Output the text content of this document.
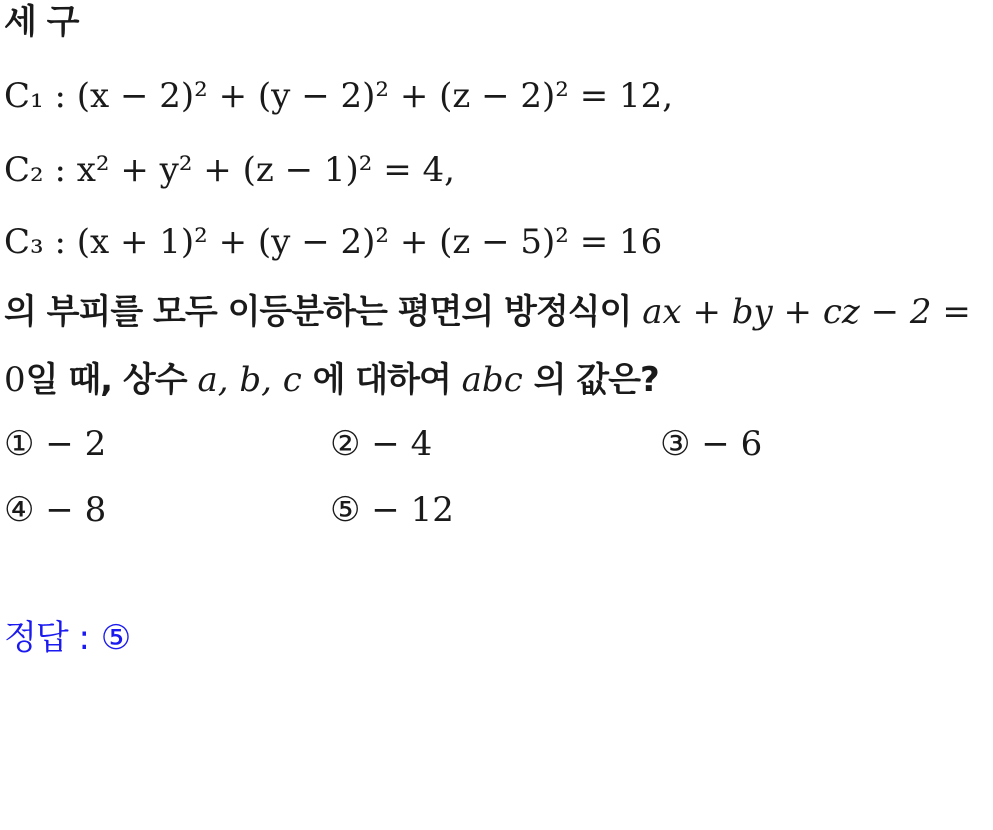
세 구
C₁ : (x − 2)² + (y − 2)² + (z − 2)² = 12,
C₂ : x² + y² + (z − 1)² = 4,
C₃ : (x + 1)² + (y − 2)² + (z − 5)² = 16
의 부피를 모두 이등분하는 평면의 방정식이 ax + by + cz − 2 =
0일 때, 상수 a, b, c 에 대하여 abc 의 값은?
① − 2	② − 4	③ − 6
④ − 8	⑤ − 12
정답 : ⑤
